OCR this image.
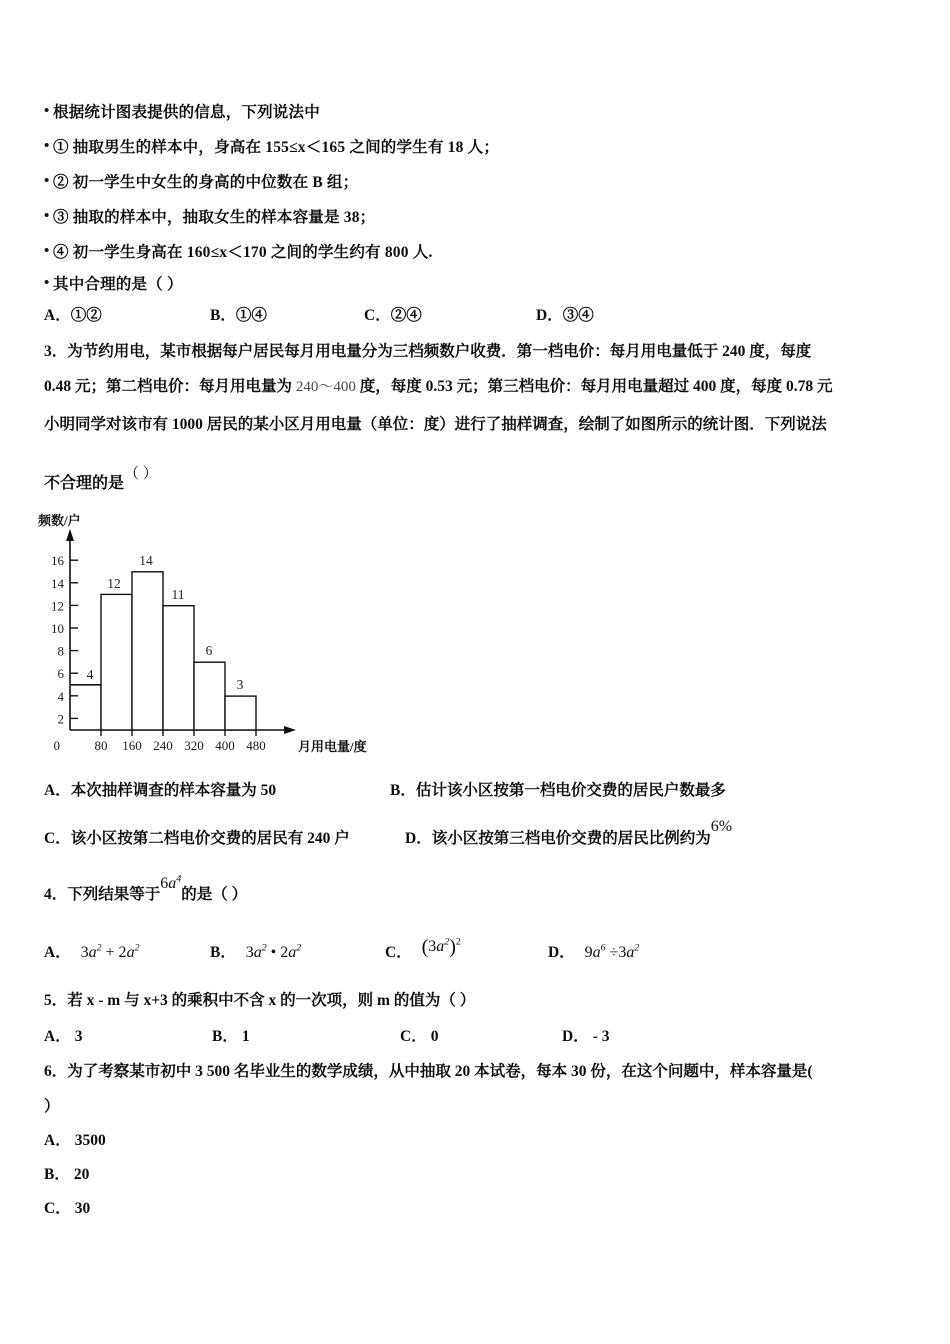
• 根据统计图表提供的信息，下列说法中
• ① 抽取男生的样本中，身高在 155≤x＜165 之间的学生有 18 人；
• ② 初一学生中女生的身高的中位数在 B 组；
• ③ 抽取的样本中，抽取女生的样本容量是 38；
• ④ 初一学生身高在 160≤x＜170 之间的学生约有 800 人.
• 其中合理的是（ ）
A．①②	B．①④	C．②④	D．③④
3．为节约用电，某市根据每户居民每月用电量分为三档频数户收费．第一档电价：每月用电量低于 240 度，每度
0.48 元；第二档电价：每月用电量为 240～400 度，每度 0.53 元；第三档电价：每月用电量超过 400 度，每度 0.78 元
小明同学对该市有 1000 居民的某小区月用电量（单位：度）进行了抽样调查，绘制了如图所示的统计图．下列说法
不合理的是（ ）
频数/户
2
4
6
8
10
12
14
16
0
4
12
14
11
6
3
80 160 240 320 400 480 月用电量/度
A．本次抽样调查的样本容量为 50	B．估计该小区按第一档电价交费的居民户数最多
C．该小区按第二档电价交费的居民有 240 户	D．该小区按第三档电价交费的居民比例约为6%
4．下列结果等于$6a^4$的是（ ）
A． $3a^2 + 2a^2$	B． $3a^2$ • $2a^2$	C． $(3a^2)^2$
D． $9a^6 \div 3a^2$
5．若 x - m 与 x+3 的乘积中不含 x 的一次项，则 m 的值为（ ）
A． 3	B． 1	C． 0	D． - 3
6．为了考察某市初中 3 500 名毕业生的数学成绩，从中抽取 20 本试卷，每本 30 份，在这个问题中，样本容量是(
）
A． 3500
B． 20
C． 30
